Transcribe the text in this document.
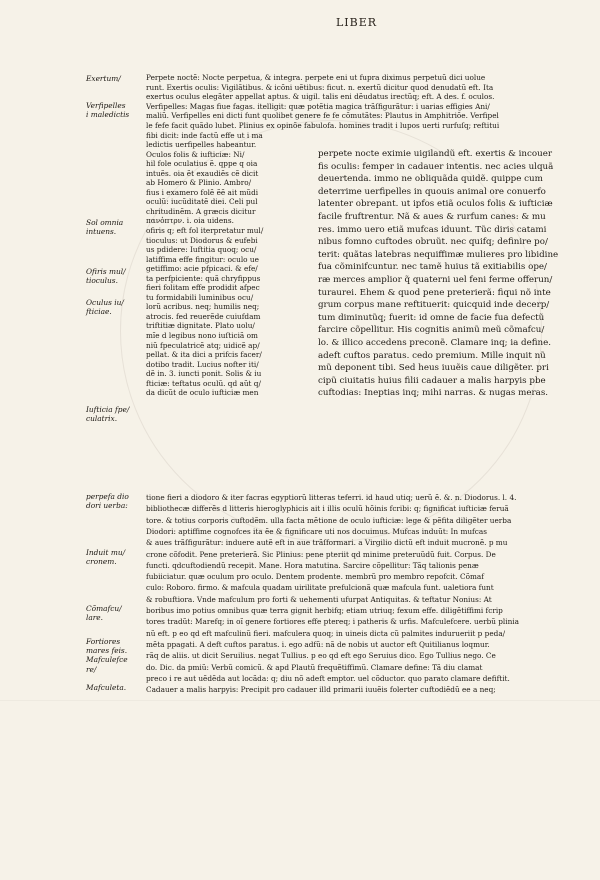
LIBER
Exertum/
Verfipelles
i maledictis
Sol omnia
intuens.
Ofiris mul/
tioculus.
Oculus iu/
fticiae.
Iufticia fpe/
culatrix.
perpefa dio
dori uerba:
Induit mu/
cronem.
Cõmafcu/
lare.
Fortiores
mares feis.
Mafculefce
re/
Mafculeta.
Perpete noctẽ: Nocte perpetua, & integra. perpete eni ut fupra diximus perpetuũ dici uolue
runt. Exertis oculis: Vigilãtibus. & icõni uẽtibus: ficut. n. exertũ dicitur quod denudatũ eft. Ita
exertus oculus elegãter appellat aptus. & uigil. talis eni dẽudatus irectũq; eft. A des. f. oculos.
Verfipelles: Magas fiue fagas. itelligit: quæ potẽtia magica trãſfigurãtur: i uarias effigies Ani/
maliũ. Verfipelles eni dicti funt quolibet genere fe fe cõmutãtes: Plautus in Amphitriõe. Verfipel
le fefe facit quãdo lubet. Plinius ex opinõe fabulofa. homines tradit i lupos uerti rurfuſq; reftitui
fibi dicit: inde factũ effe ut i ma
ledictis uerfipelles habeantur.
Oculos folis & iufticiæ: Ni/
hil fole oculatius ẽ. qppe q oia
intuẽs. oia ẽt exaudiẽs cẽ dicit
ab Homero & Plinio. Ambro/
fius i examero folẽ ẽẽ ait mũdi
oculũ: iucũditatẽ diei. Celi pul
chritudinẽm. A græcis dicitur
πανὀπτρν. i. oia uidens.
ofiris q; eft fol iterpretatur mul/
tioculus: ut Diodorus & eufebi
us pdidere: Iuftitia quoq; ocu/
latiffima effe fingitur: oculo ue
getiffimo: acie pfpicaci. & efe/
ta perfpiciente: quã chryfippus
fieri folitam effe prodidit afpec
tu formidabili luminibus ocu/
lorũ acribus. neq; humilis neq;
atrocis. fed reuerẽde cuiufdam
triftitiæ dignitate. Plato uolu/
mĩe d legibus nono iuſticiã om
niũ fpeculatricẽ atq; uidicẽ ap/
pellat. & ita dici a prifcis facer/
dotibo tradit. Lucius nofter iti/
dẽ in. 3. iuncti ponit. Solis & iu
fticiæ: teftatus oculũ. qd aũt q/
da dicũt de oculo iufticiæ men
perpete nocte eximie uigilandũ eft. exertis & incouer
fis oculis: femper in cadauer intentis. nec acies ulquã
deuertenda. immo ne obliquãda quidẽ. quippe cum
deterrime uerfipelles in quouis animal ore conuerfo
latenter obrepant. ut ipfos etiã oculos folis & iufticiæ
facile fruftrentur. Nã & aues & rurfum canes: & mu
res. immo uero etiã mufcas iduunt. Tũc diris catami
nibus fomno cuftodes obruũt. nec quifq; definire po/
terit: quãtas latebras nequiffimæ mulieres pro libidine
fua cõminifcuntur. nec tamẽ huius tã exitiabilis ope/
ræ merces amplior q̃ quaterni uel feni ferme offerun/
turaurei. Ehem & quod pene preterierã: fiqui nõ inte
grum corpus mane reftituerit: quicquid inde decerp/
tum diminutũq; fuerit: id omne de facie fua defectũ
farcire cõpellitur. His cognitis animũ meũ cõmafcu/
lo. & illico accedens preconẽ. Clamare inq; ia define.
adeft cuftos paratus. cedo premium. Mille inquit nũ
mũ deponent tibi. Sed heus iuuẽis caue diligẽter. pri
cipũ ciuitatis huius filii cadauer a malis harpyis pbe
cuftodias: Ineptias inq; mihi narras. & nugas meras.
tione fieri a diodoro & iter facras egyptiorũ litteras teferri. id haud utiq; uerũ ẽ. &. n. Diodorus. l. 4.
bibliothecæ differẽs d litteris hieroglyphicis ait i illis oculũ hõinis fcribi: q; fignificat iufticiæ feruã
tore. & totius corporis cuftodẽm. ulla facta mẽtione de oculo iufticiæ: lege & pẽfita diligẽter uerba
Diodori: aptiffime cognofces ita ẽe & fignificare uti nos docuimus. Mufcas induũt: In mufcas
& aues trãſfigurãtur: induere autẽ eft in aue trãſformari. a Virgilio dictũ eft induit mucronẽ. p mu
crone cõfodit. Pene preterierã. Sic Plinius: pene pteriit qd minime preteruũdũ fuit. Corpus. De
functi. qdcuftodiendũ recepit. Mane. Hora matutina. Sarcire cõpellitur: Tãq talionis penæ
fubiiciatur. quæ oculum pro oculo. Dentem prodente. membrũ pro membro repofcit. Cõmaf
culo: Roboro. firmo. & mafcula quadam uirilitate prefulcionã quæ mafcula funt. ualetiora funt
& robuftiora. Vnde mafculum pro forti & uehementi ufurpat Antiquitas. & teftatur Nonius: At
boribus imo potius omnibus quæ terra gignit herbifq; etiam utriuq; fexum effe. diligẽtiffimi fcrip
tores tradũt: Marefq; in oĩ genere fortiores effe ptereq; i patheris & urfis. Mafculefcere. uerbũ plinia
nũ eft. p eo qd eft mafculinũ fieri. mafculera quoq; in uineis dicta cũ palmites indurueriit p peda/
mẽta ppagati. A deft cuftos paratus. i. ego adfũ: nã de nobis ut auctor eft Quitilianus loqmur.
rãq de aliis. ut dicit Seruilius. negat Tullius. p eo qd eft ego Seruius dico. Ego Tullius nego. Ce
do. Dic. da pmiũ: Verbũ comicũ. & apd Plautũ frequẽtiffimũ. Clamare define: Tã diu clamat
preco i re aut uẽdẽda aut locãda: q; diu nõ adeft emptor. uel cõductor. quo parato clamare defiftit.
Cadauer a malis harpyis: Precipit pro cadauer illd primarii iuuẽis folerter cuftodiẽdũ ee a neq;
